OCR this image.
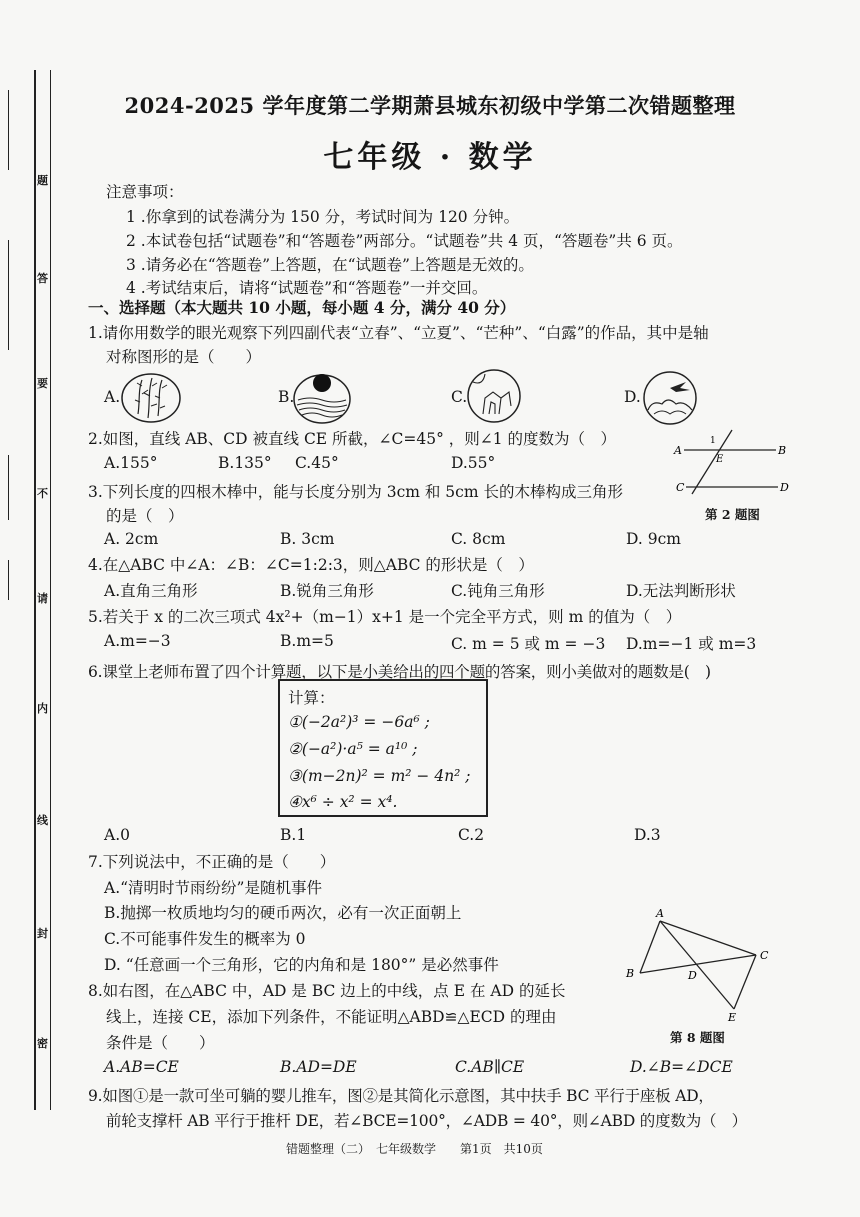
题
答
要
不
请
内
线
封
密
2024-2025 学年度第二学期萧县城东初级中学第二次错题整理
七年级 · 数学
注意事项：
1 .你拿到的试卷满分为 150 分，考试时间为 120 分钟。
2 .本试卷包括“试题卷”和“答题卷”两部分。“试题卷”共 4 页，“答题卷”共 6 页。
3 .请务必在“答题卷”上答题，在“试题卷”上答题是无效的。
4 .考试结束后，请将“试题卷”和“答题卷”一并交回。
一、选择题（本大题共 10 小题，每小题 4 分，满分 40 分）
1.请你用数学的眼光观察下列四副代表“立春”、“立夏”、“芒种”、“白露”的作品，其中是轴
对称图形的是（　　）
A.	B.	C.	D.
2.如图，直线 AB、CD 被直线 CE 所截，∠C=45° ，则∠1 的度数为（　）
A.155°	B.135° C.45°	D.55°
A	B
C	D
E
1
第 2 题图
3.下列长度的四根木棒中，能与长度分别为 3cm 和 5cm 长的木棒构成三角形
的是（　）
A. 2cm	B. 3cm	C. 8cm	D. 9cm
4.在△ABC 中∠A：∠B：∠C=1:2:3，则△ABC 的形状是（　）
A.直角三角形	B.锐角三角形	C.钝角三角形	D.无法判断形状
5.若关于 x 的二次三项式 4x²+（m−1）x+1 是一个完全平方式，则 m 的值为（　）
A.m=−3	B.m=5	C. m = 5 或 m = −3 D.m=−1 或 m=3
6.课堂上老师布置了四个计算题，以下是小美给出的四个题的答案，则小美做对的题数是(　)
计算：
①(−2a²)³ = −6a⁶ ;
②(−a²)·a⁵ = a¹⁰ ;
③(m−2n)² = m² − 4n² ;
④x⁶ ÷ x² = x⁴.
A.0	B.1	C.2	D.3
7.下列说法中，不正确的是（　　）
A.“清明时节雨纷纷”是随机事件
B.抛掷一枚质地均匀的硬币两次，必有一次正面朝上
C.不可能事件发生的概率为 0
D. “任意画一个三角形，它的内角和是 180°” 是必然事件
A
B
C
D
E
第 8 题图
8.如右图，在△ABC 中，AD 是 BC 边上的中线，点 E 在 AD 的延长
线上，连接 CE，添加下列条件，不能证明△ABD≌△ECD 的理由
条件是（　　）
A.AB=CE	B.AD=DE	C.AB∥CE	D.∠B=∠DCE
9.如图①是一款可坐可躺的婴儿推车，图②是其简化示意图，其中扶手 BC 平行于座板 AD，
前轮支撑杆 AB 平行于推杆 DE，若∠BCE=100°，∠ADB = 40°，则∠ABD 的度数为（　）
错题整理（二）　七年级数学　　第1页　共10页
